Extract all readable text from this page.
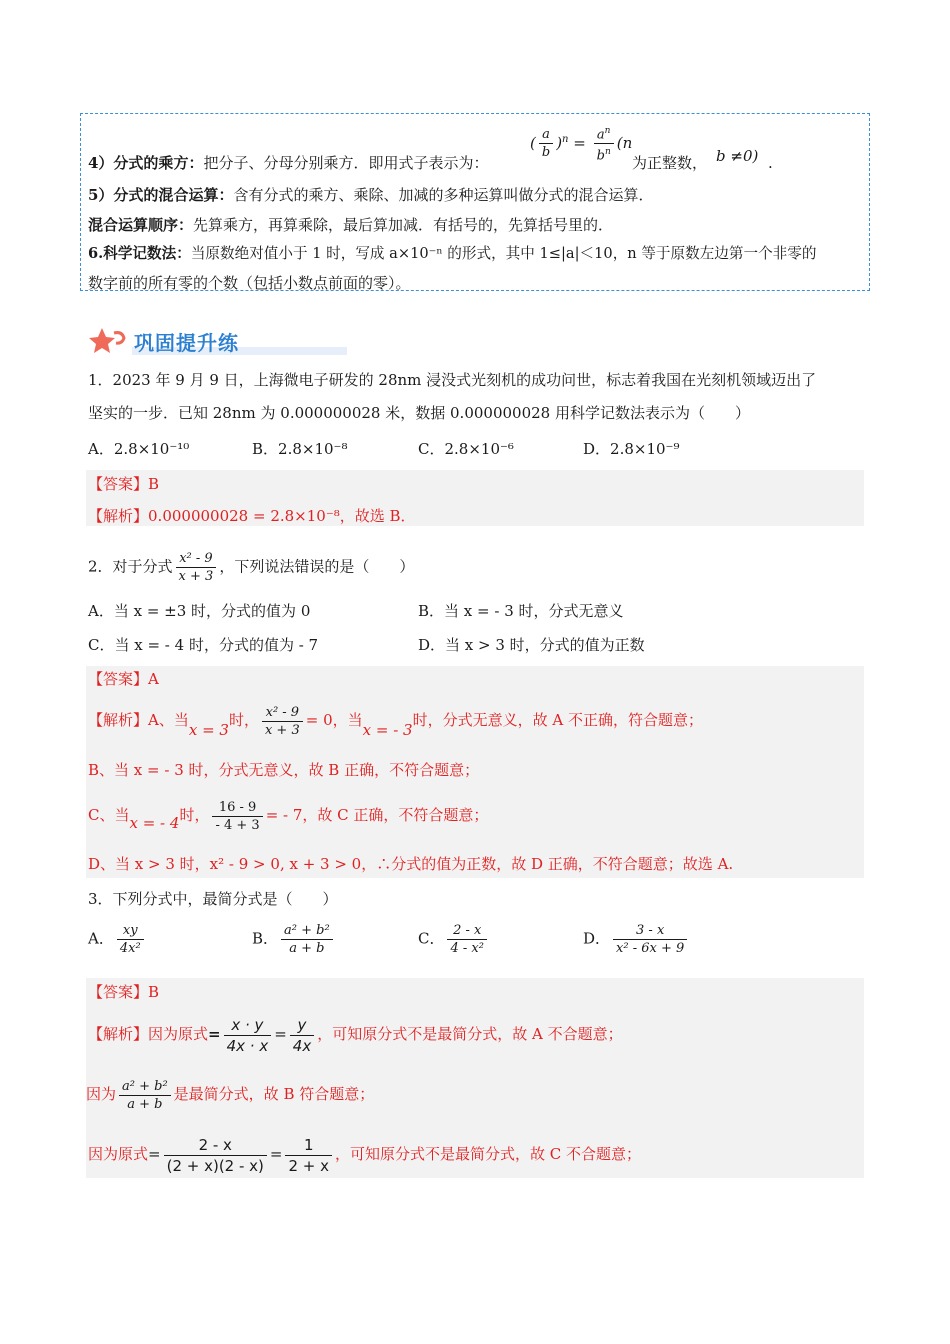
( $\frac{a}{b} )^n = \frac{a^n}{b^n} (n$
4）分式的乘方：把分子、分母分别乘方．即用式子表示为：	为正整数， b ≠0) .
5）分式的混合运算：含有分式的乘方、乘除、加减的多种运算叫做分式的混合运算．
混合运算顺序：先算乘方，再算乘除，最后算加减．有括号的，先算括号里的．
6.科学记数法：当原数绝对值小于 1 时，写成 a×10⁻ⁿ 的形式，其中 1≤|a|＜10，n 等于原数左边第一个非零的
数字前的所有零的个数（包括小数点前面的零）。
巩固提升练
1．2023 年 9 月 9 日，上海微电子研发的 28nm 浸没式光刻机的成功问世，标志着我国在光刻机领域迈出了
坚实的一步．已知 28nm 为 0.000000028 米，数据 0.000000028 用科学记数法表示为（　　）
A．2.8×10⁻¹⁰	B．2.8×10⁻⁸	C．2.8×10⁻⁶	D．2.8×10⁻⁹
【答案】B
【解析】0.000000028 = 2.8×10⁻⁸，故选 B．
2．对于分式 $\frac{\text{x² - 9}}{x + 3}$ ，下列说法错误的是（　　）
A．当 x = ±3 时，分式的值为 0	B．当 x = - 3 时，分式无意义
C．当 x = - 4 时，分式的值为 - 7	D．当 x > 3 时，分式的值为正数
【答案】A
【解析】A、当x = 3时， $\frac{\text{x² - 9}}{x + 3} = 0$，当x = - 3时，分式无意义，故 A 不正确，符合题意；
B、当 x = - 3 时，分式无意义，故 B 正确，不符合题意；
C、当x = - 4时， $\frac{16 - 9}{- 4 + 3}$ = - 7，故 C 正确，不符合题意；
D、当 x > 3 时，x² - 9 > 0, x + 3 > 0，∴分式的值为正数，故 D 正确，不符合题意；故选 A.
3．下列分式中，最简分式是（　　）
A． $\frac{xy}{\text{4x²}}$	B． $\frac{\text{a² + b²}}{a + b}$	C． $\frac{2 - x}{\text{4 - x²}}$	D． $\frac{3 - x}{\text{x² - 6x + 9}}$
【答案】B
【解析】因为原式= $\frac{x \cdot y}{4x \cdot x} = \frac{y}{4x}$ ，可知原分式不是最简分式，故 A 不合题意；
因为 $\frac{\text{a² + b²}}{a + b}$ 是最简分式，故 B 符合题意；
因为原式= $\frac{2 - x}{(2 + x)(2 - x)} = \frac{1}{2 + x}$ ，可知原分式不是最简分式，故 C 不合题意；
